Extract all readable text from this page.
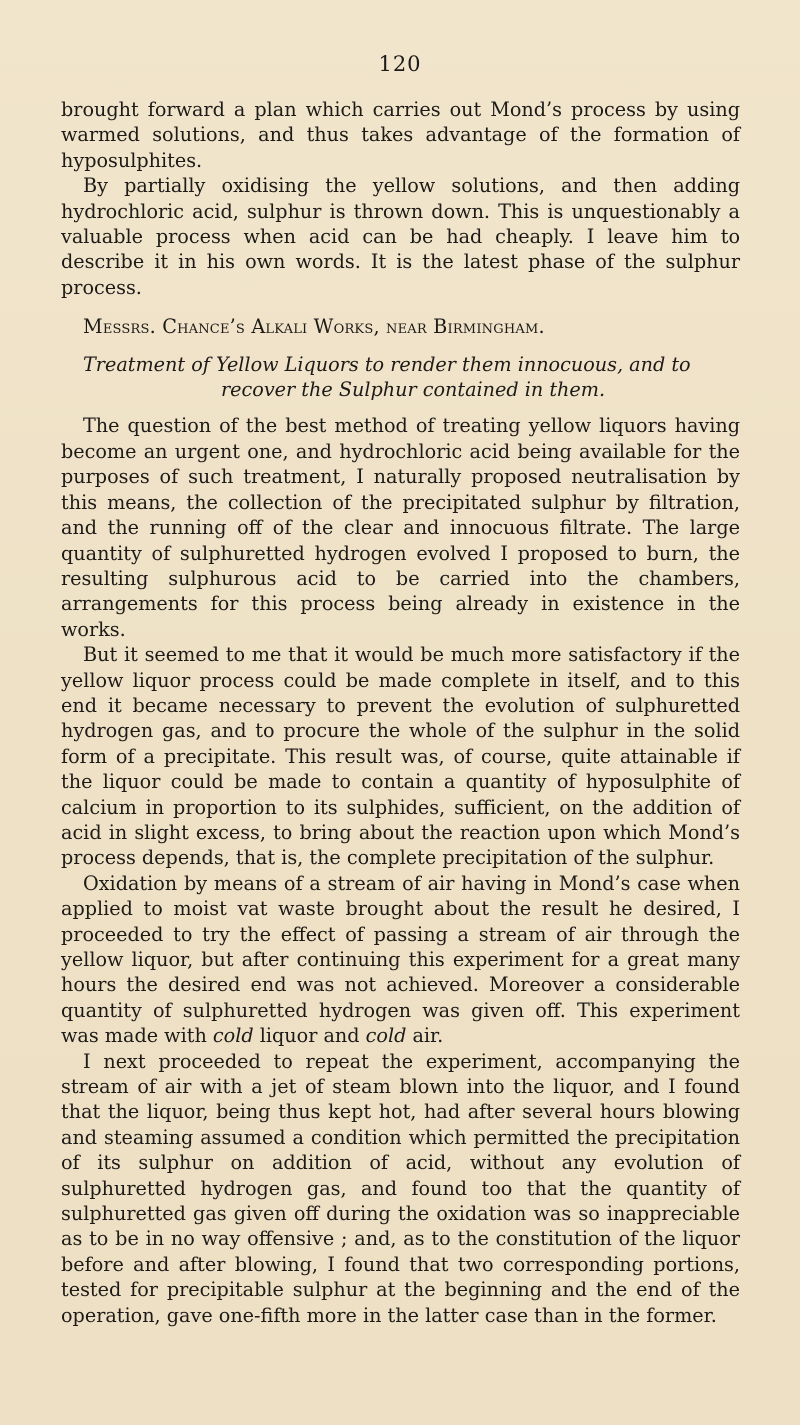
120

brought forward a plan which carries out Mond’s process by using warmed solutions, and thus takes advantage of the formation of hyposulphites.

By partially oxidising the yellow solutions, and then adding hydrochloric acid, sulphur is thrown down. This is unquestionably a valuable process when acid can be had cheaply. I leave him to describe it in his own words. It is the latest phase of the sulphur process.

Messrs. Chance’s Alkali Works, near Birmingham.

Treatment of Yellow Liquors to render them innocuous, and to
recover the Sulphur contained in them.

The question of the best method of treating yellow liquors having become an urgent one, and hydrochloric acid being available for the purposes of such treatment, I naturally proposed neutralisation by this means, the collection of the precipitated sulphur by filtration, and the running off of the clear and innocuous filtrate. The large quantity of sulphuretted hydrogen evolved I proposed to burn, the resulting sulphurous acid to be carried into the chambers, arrangements for this process being already in existence in the works.

But it seemed to me that it would be much more satisfactory if the yellow liquor process could be made complete in itself, and to this end it became necessary to prevent the evolution of sulphuretted hydrogen gas, and to procure the whole of the sulphur in the solid form of a precipitate. This result was, of course, quite attainable if the liquor could be made to contain a quantity of hyposulphite of calcium in proportion to its sulphides, sufficient, on the addition of acid in slight excess, to bring about the reaction upon which Mond’s process depends, that is, the complete precipitation of the sulphur.

Oxidation by means of a stream of air having in Mond’s case when applied to moist vat waste brought about the result he desired, I proceeded to try the effect of passing a stream of air through the yellow liquor, but after continuing this experiment for a great many hours the desired end was not achieved. Moreover a considerable quantity of sulphuretted hydrogen was given off. This experiment was made with cold liquor and cold air.

I next proceeded to repeat the experiment, accompanying the stream of air with a jet of steam blown into the liquor, and I found that the liquor, being thus kept hot, had after several hours blowing and steaming assumed a condition which permitted the precipitation of its sulphur on addition of acid, without any evolution of sulphuretted hydrogen gas, and found too that the quantity of sulphuretted gas given off during the oxidation was so inappreciable as to be in no way offensive ; and, as to the constitution of the liquor before and after blowing, I found that two corresponding portions, tested for precipitable sulphur at the beginning and the end of the operation, gave one-fifth more in the latter case than in the former.
